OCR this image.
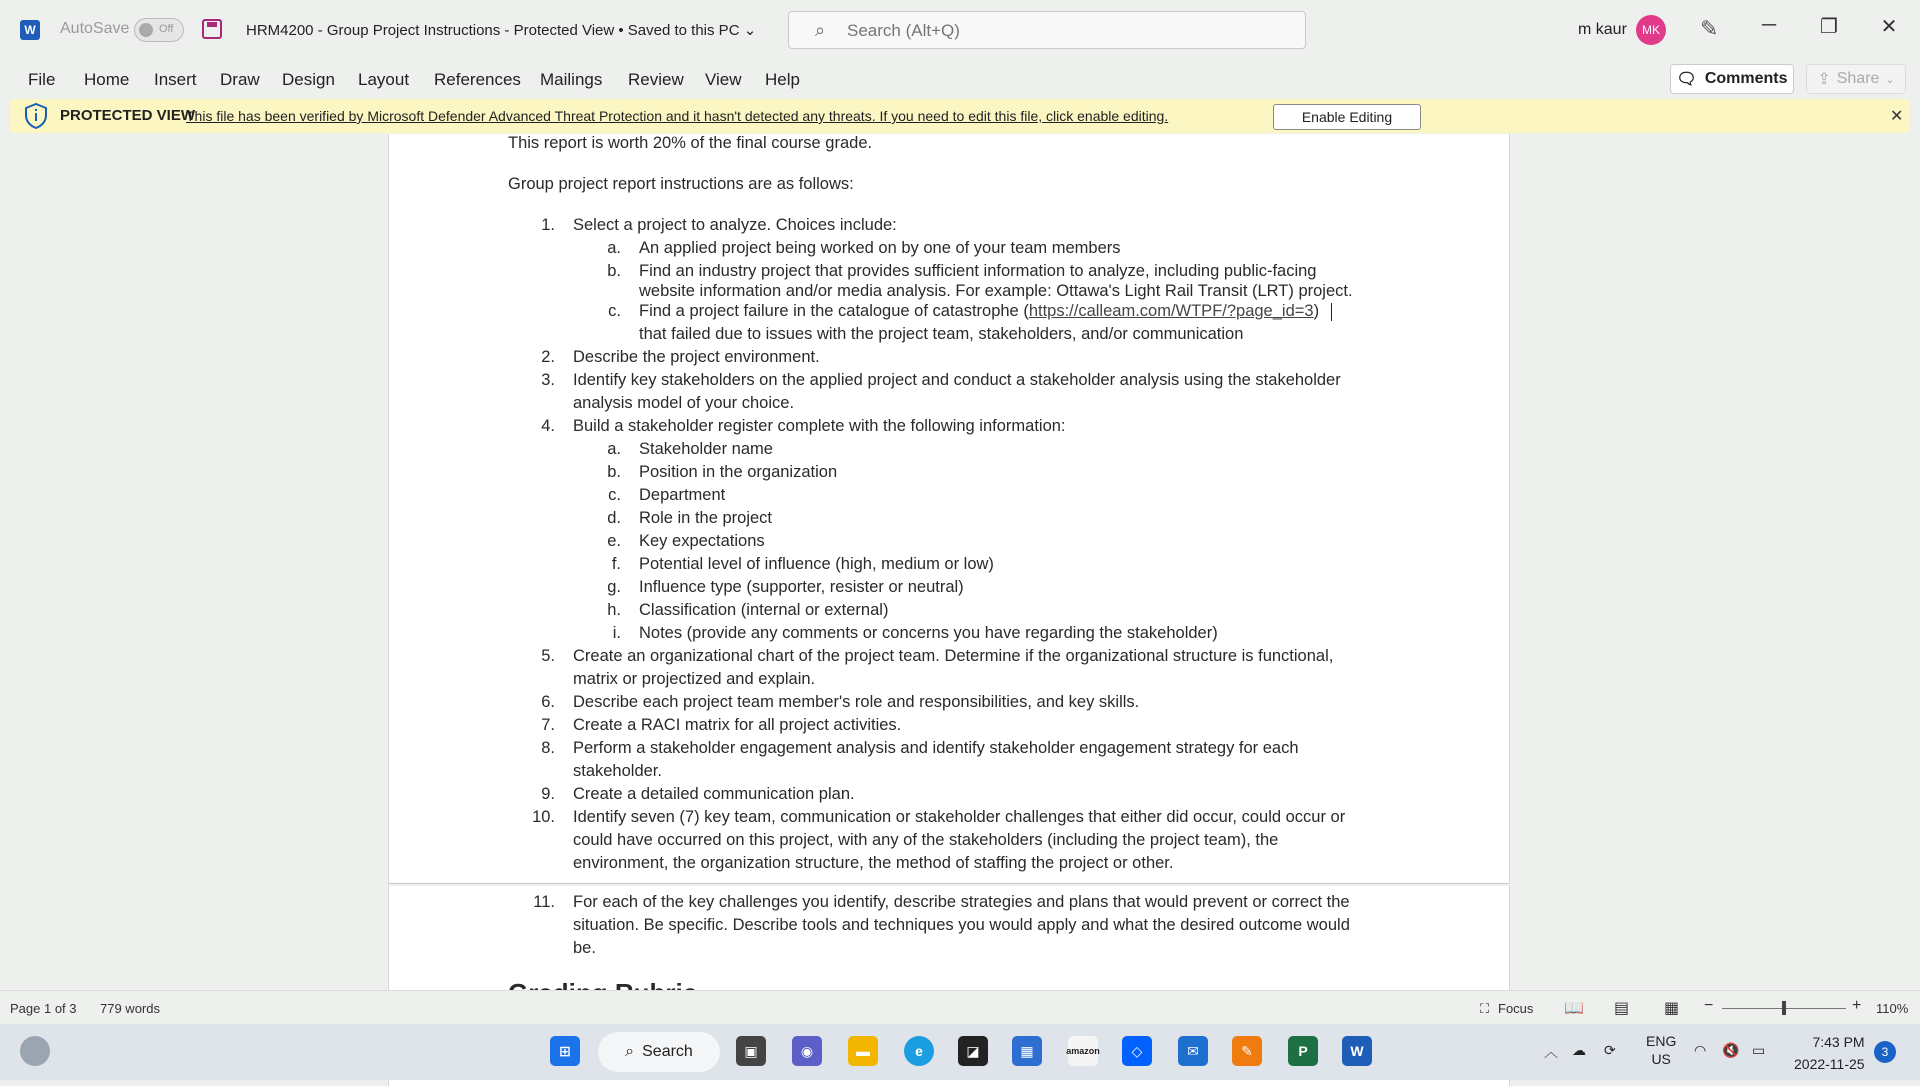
W AutoSave	Off	HRM4200 - Group Project Instructions - Protected View • Saved to this PC ⌄	⌕
Search (Alt+Q)	m kaur	MK ✎	─	❐	✕
File Home Insert Draw Design Layout References Mailings Review View Help	🗨 Comments ⇪ Share ⌄
PROTECTED VIEW
This file has been verified by Microsoft Defender Advanced Threat Protection and it hasn't detected any threats. If you need to edit this file, click enable editing.	Enable Editing	✕
This report is worth 20% of the final course grade.
Group project report instructions are as follows:
1. Select a project to analyze. Choices include:
a. An applied project being worked on by one of your team members
b. Find an industry project that provides sufficient information to analyze, including public-facing
website information and/or media analysis. For example: Ottawa's Light Rail Transit (LRT) project.
c. Find a project failure in the catalogue of catastrophe (https://calleam.com/WTPF/?page_id=3)
that failed due to issues with the project team, stakeholders, and/or communication
2. Describe the project environment.
3. Identify key stakeholders on the applied project and conduct a stakeholder analysis using the stakeholder
analysis model of your choice.
4. Build a stakeholder register complete with the following information:
a. Stakeholder name
b. Position in the organization
c. Department
d. Role in the project
e. Key expectations
f. Potential level of influence (high, medium or low)
g. Influence type (supporter, resister or neutral)
h. Classification (internal or external)
i. Notes (provide any comments or concerns you have regarding the stakeholder)
5. Create an organizational chart of the project team. Determine if the organizational structure is functional,
matrix or projectized and explain.
6. Describe each project team member's role and responsibilities, and key skills.
7. Create a RACI matrix for all project activities.
8. Perform a stakeholder engagement analysis and identify stakeholder engagement strategy for each
stakeholder.
9. Create a detailed communication plan.
10. Identify seven (7) key team, communication or stakeholder challenges that either did occur, could occur or
could have occurred on this project, with any of the stakeholders (including the project team), the
environment, the organization structure, the method of staffing the project or other.
11. For each of the key challenges you identify, describe strategies and plans that would prevent or correct the
situation. Be specific. Describe tools and techniques you would apply and what the desired outcome would
be.
Page 1 of 3 779 words	⛶ Focus 📖 ▤ ▦ −	+ 110%
⊞	⌕ Search	▣	◉	▬	e	◪	▦	amazon	◇	✉	✎	P	W	︿ ☁ ⟳
ENG
US
◠ 🔇 ▭	7:43 PM
2022-11-25
3
